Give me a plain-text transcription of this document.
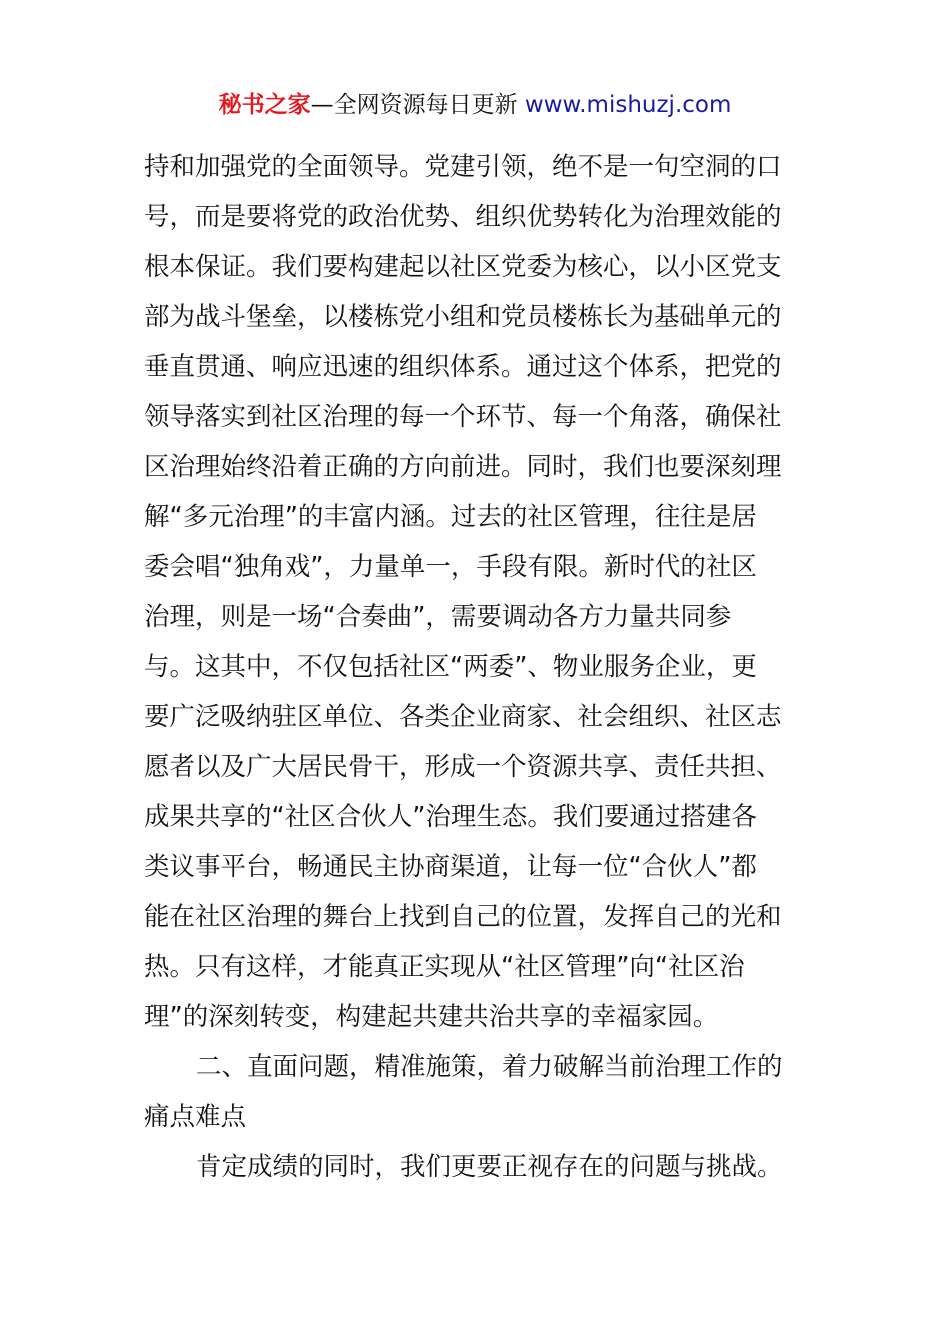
秘书之家—全网资源每日更新 www.mishuzj.com
持和加强党的全面领导。党建引领，绝不是一句空洞的口
号，而是要将党的政治优势、组织优势转化为治理效能的
根本保证。我们要构建起以社区党委为核心，以小区党支
部为战斗堡垒，以楼栋党小组和党员楼栋长为基础单元的
垂直贯通、响应迅速的组织体系。通过这个体系，把党的
领导落实到社区治理的每一个环节、每一个角落，确保社
区治理始终沿着正确的方向前进。同时，我们也要深刻理
解“多元治理”的丰富内涵。过去的社区管理，往往是居
委会唱“独角戏”，力量单一，手段有限。新时代的社区
治理，则是一场“合奏曲”，需要调动各方力量共同参
与。这其中，不仅包括社区“两委”、物业服务企业，更
要广泛吸纳驻区单位、各类企业商家、社会组织、社区志
愿者以及广大居民骨干，形成一个资源共享、责任共担、
成果共享的“社区合伙人”治理生态。我们要通过搭建各
类议事平台，畅通民主协商渠道，让每一位“合伙人”都
能在社区治理的舞台上找到自己的位置，发挥自己的光和
热。只有这样，才能真正实现从“社区管理”向“社区治
理”的深刻转变，构建起共建共治共享的幸福家园。
二、直面问题，精准施策，着力破解当前治理工作的
痛点难点
肯定成绩的同时，我们更要正视存在的问题与挑战。
